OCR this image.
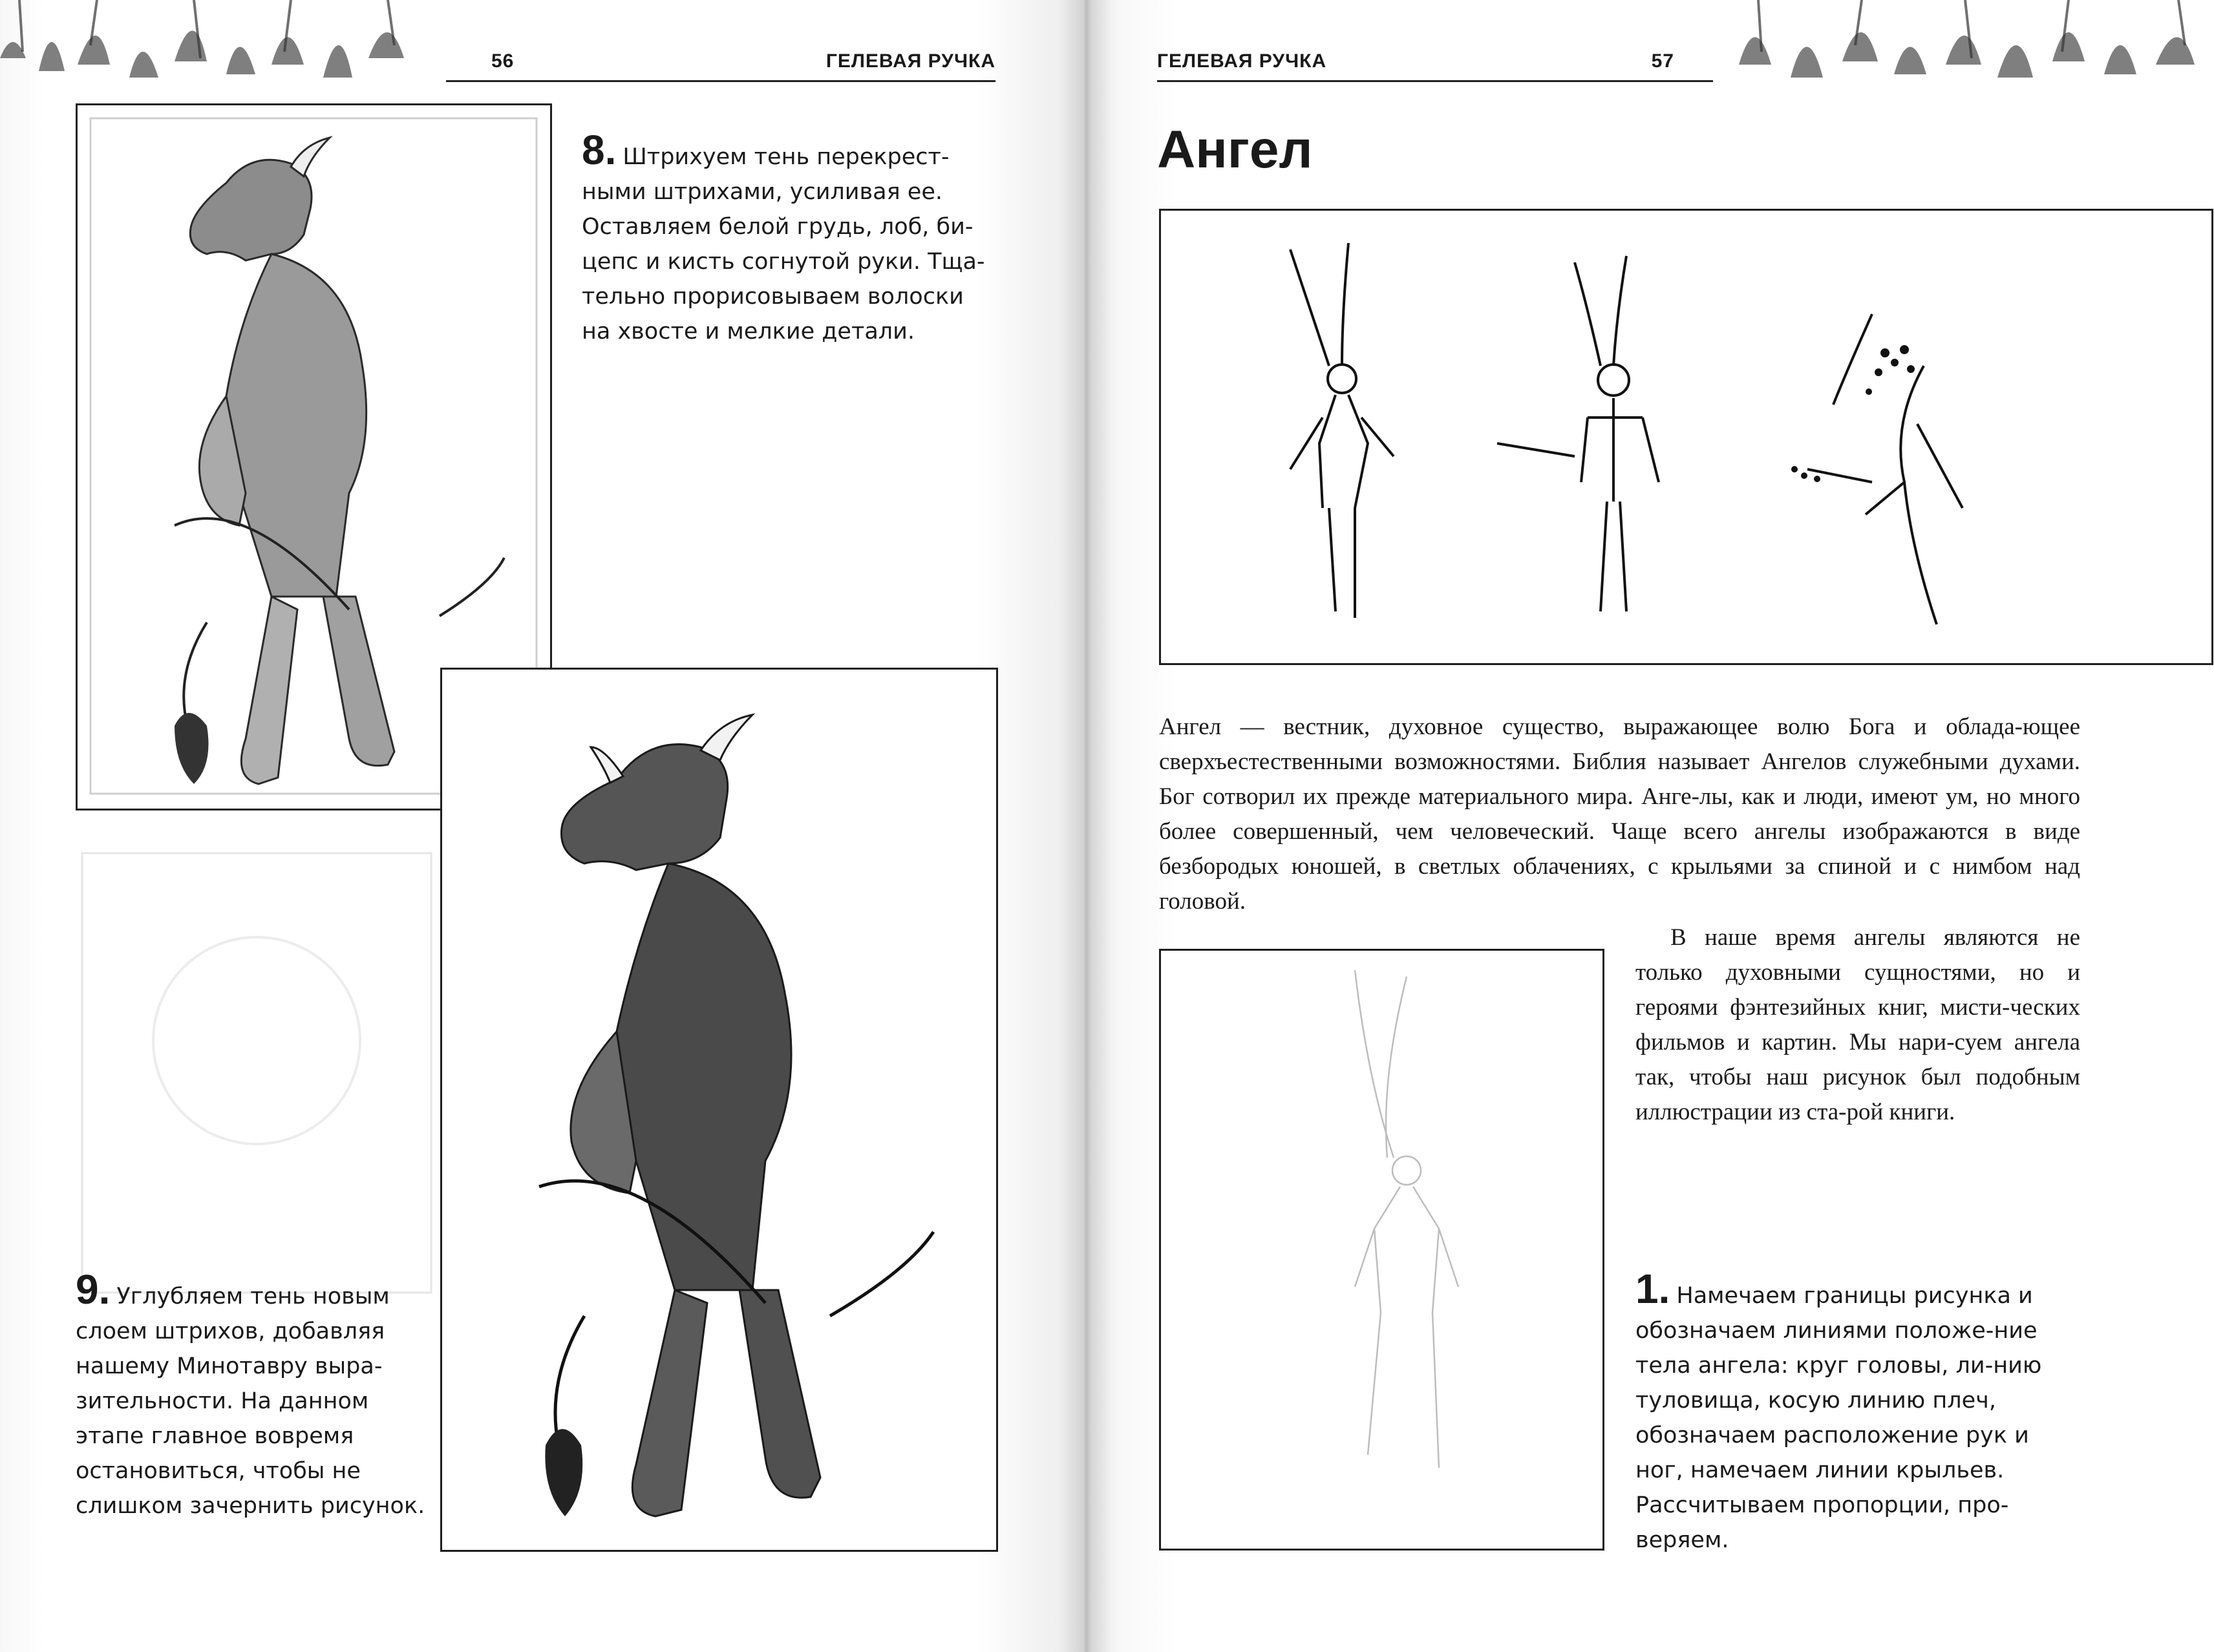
56	ГЕЛЕВАЯ РУЧКА	ГЕЛЕВАЯ РУЧКА	57
8. Штрихуем тень перекрест-ными штрихами, усиливая ее. Оставляем белой грудь, лоб, би-цепс и кисть согнутой руки. Тща-тельно прорисовываем волоски на хвосте и мелкие детали.
9. Углубляем тень новым слоем штрихов, добавляя нашему Минотавру выра-зительности. На данном этапе главное вовремя остановиться, чтобы не слишком зачернить рисунок.
Ангел

Ангел — вестник, духовное существо, выражающее волю Бога и облада-ющее сверхъестественными возможностями. Библия называет Ангелов служебными духами. Бог сотворил их прежде материального мира. Анге-лы, как и люди, имеют ум, но много более совершенный, чем человеческий. Чаще всего ангелы изображаются в виде безбородых юношей, в светлых облачениях, с крыльями за спиной и с нимбом над головой.

В наше время ангелы являются не только духовными сущностями, но и героями фэнтезийных книг, мисти-ческих фильмов и картин. Мы нари-суем ангела так, чтобы наш рисунок был подобным иллюстрации из ста-рой книги.

1. Намечаем границы рисунка и обозначаем линиями положе-ние тела ангела: круг головы, ли-нию туловища, косую линию плеч, обозначаем расположение рук и ног, намечаем линии крыльев. Рассчитываем пропорции, про-веряем.
